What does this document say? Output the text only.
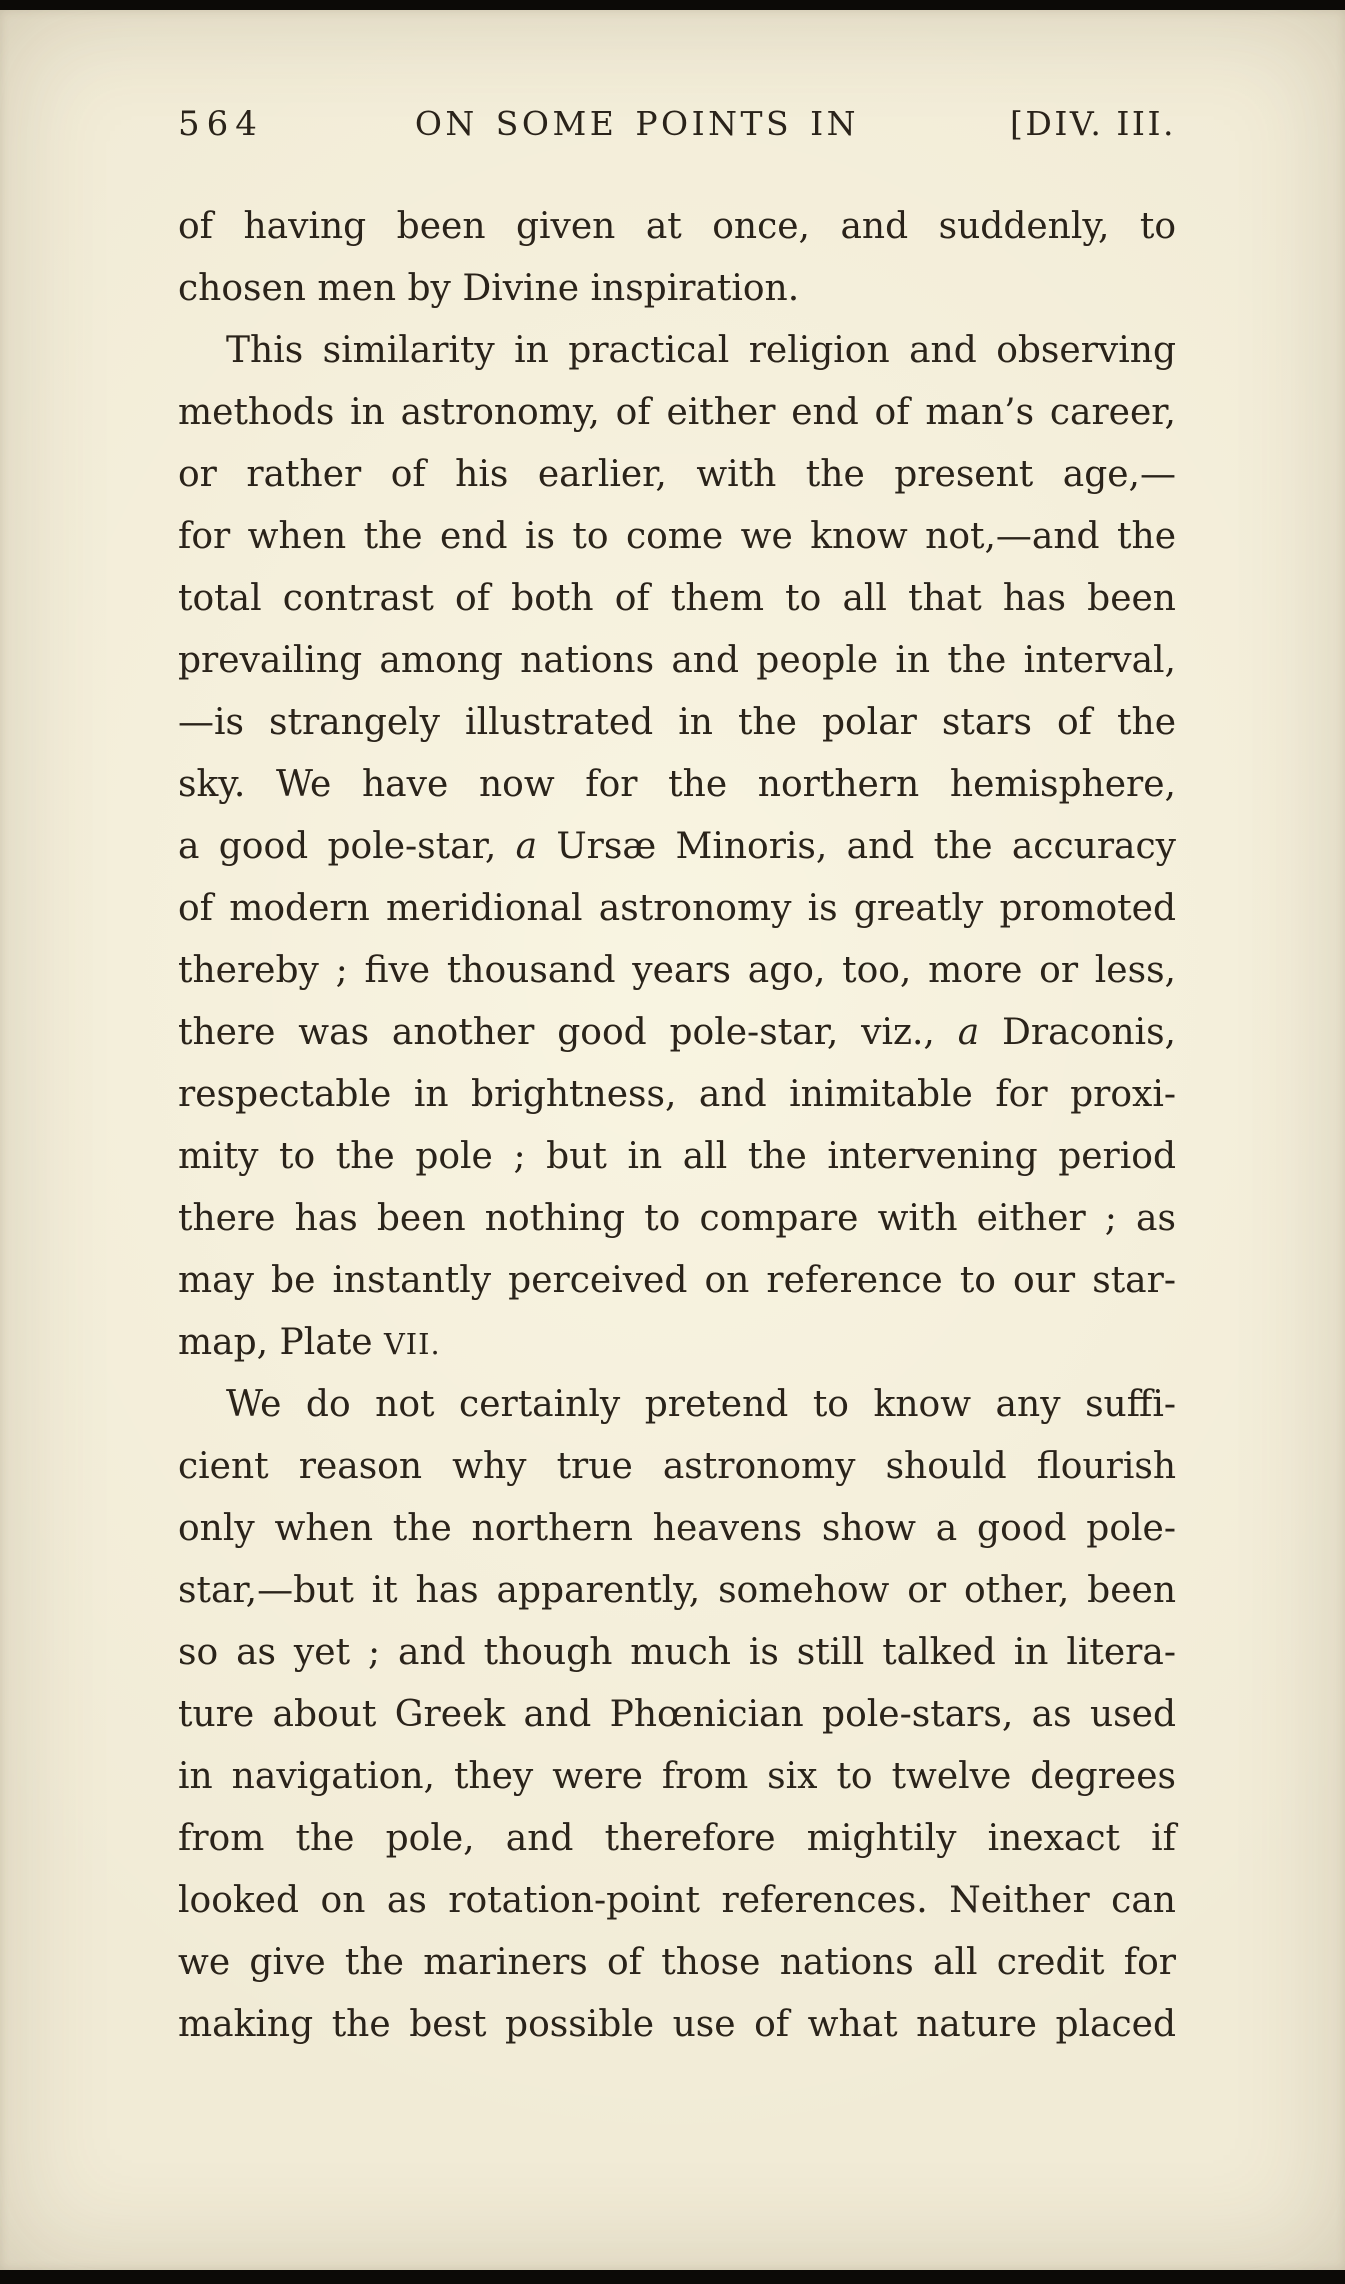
564	ON SOME POINTS IN	[DIV. III.
of having been given at once, and suddenly, to
chosen men by Divine inspiration.
This similarity in practical religion and observing
methods in astronomy, of either end of man’s career,
or rather of his earlier, with the present age,—
for when the end is to come we know not,—and the
total contrast of both of them to all that has been
prevailing among nations and people in the interval,
—is strangely illustrated in the polar stars of the
sky. We have now for the northern hemisphere,
a good pole-star, a Ursæ Minoris, and the accuracy
of modern meridional astronomy is greatly promoted
thereby ; five thousand years ago, too, more or less,
there was another good pole-star, viz., a Draconis,
respectable in brightness, and inimitable for proxi-
mity to the pole ; but in all the intervening period
there has been nothing to compare with either ; as
may be instantly perceived on reference to our star-
map, Plate VII.
We do not certainly pretend to know any suffi-
cient reason why true astronomy should flourish
only when the northern heavens show a good pole-
star,—but it has apparently, somehow or other, been
so as yet ; and though much is still talked in litera-
ture about Greek and Phœnician pole-stars, as used
in navigation, they were from six to twelve degrees
from the pole, and therefore mightily inexact if
looked on as rotation-point references. Neither can
we give the mariners of those nations all credit for
making the best possible use of what nature placed
